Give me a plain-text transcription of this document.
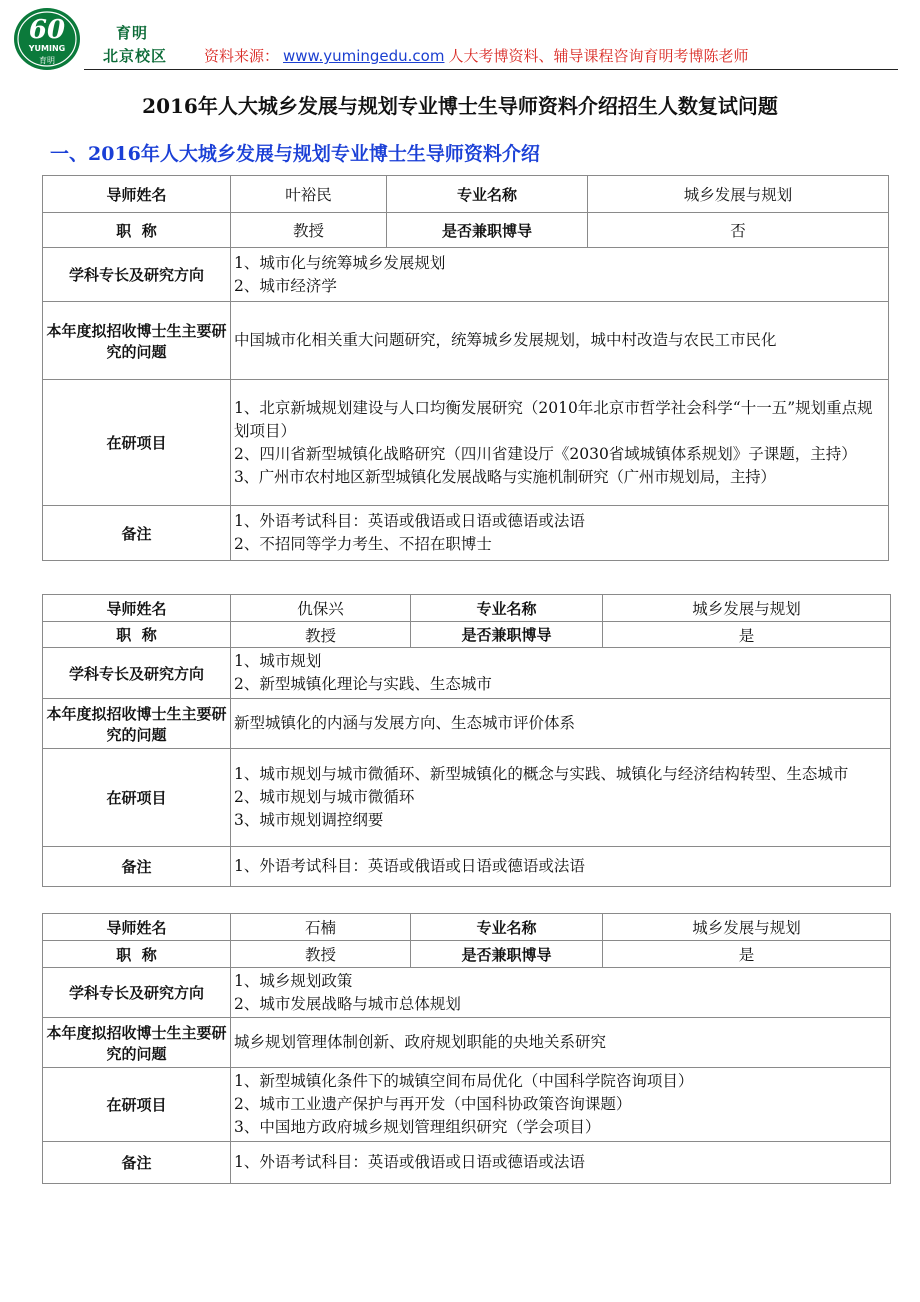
60
YUMING
育明
育明
北京校区 资料来源： www.yumingedu.com 人大考博资料、辅导课程咨询育明考博陈老师
2016年人大城乡发展与规划专业博士生导师资料介绍招生人数复试问题
一、2016年人大城乡发展与规划专业博士生导师资料介绍
导师姓名	叶裕民	专业名称	城乡发展与规划
职  称	教授	是否兼职博导	否
学科专长及研究方向	1、城市化与统筹城乡发展规划
2、城市经济学		

本年度拟招收博士生主要研究的问题	中国城市化相关重大问题研究，统筹城乡发展规划，城中村改造与农民工市民化		
在研项目	1、北京新城规划建设与人口均衡发展研究（2010年北京市哲学社会科学“十一五”规划重点规划项目）
2、四川省新型城镇化战略研究（四川省建设厅《2030省域城镇体系规划》子课题，主持）
3、广州市农村地区新型城镇化发展战略与实施机制研究（广州市规划局，主持）		

备注	1、外语考试科目：英语或俄语或日语或德语或法语
2、不招同等学力考生、不招在职博士		
导师姓名	仇保兴	专业名称	城乡发展与规划
职  称	教授	是否兼职博导	是
学科专长及研究方向	1、城市规划
2、新型城镇化理论与实践、生态城市		

本年度拟招收博士生主要研究的问题	新型城镇化的内涵与发展方向、生态城市评价体系		
在研项目	1、城市规划与城市微循环、新型城镇化的概念与实践、城镇化与经济结构转型、生态城市
2、城市规划与城市微循环
3、城市规划调控纲要		

备注	1、外语考试科目：英语或俄语或日语或德语或法语		
导师姓名	石楠	专业名称	城乡发展与规划
职  称	教授	是否兼职博导	是
学科专长及研究方向	1、城乡规划政策
2、城市发展战略与城市总体规划		

本年度拟招收博士生主要研究的问题	城乡规划管理体制创新、政府规划职能的央地关系研究		
在研项目	1、新型城镇化条件下的城镇空间布局优化（中国科学院咨询项目）
2、城市工业遗产保护与再开发（中国科协政策咨询课题）
3、中国地方政府城乡规划管理组织研究（学会项目）		

备注	1、外语考试科目：英语或俄语或日语或德语或法语		
